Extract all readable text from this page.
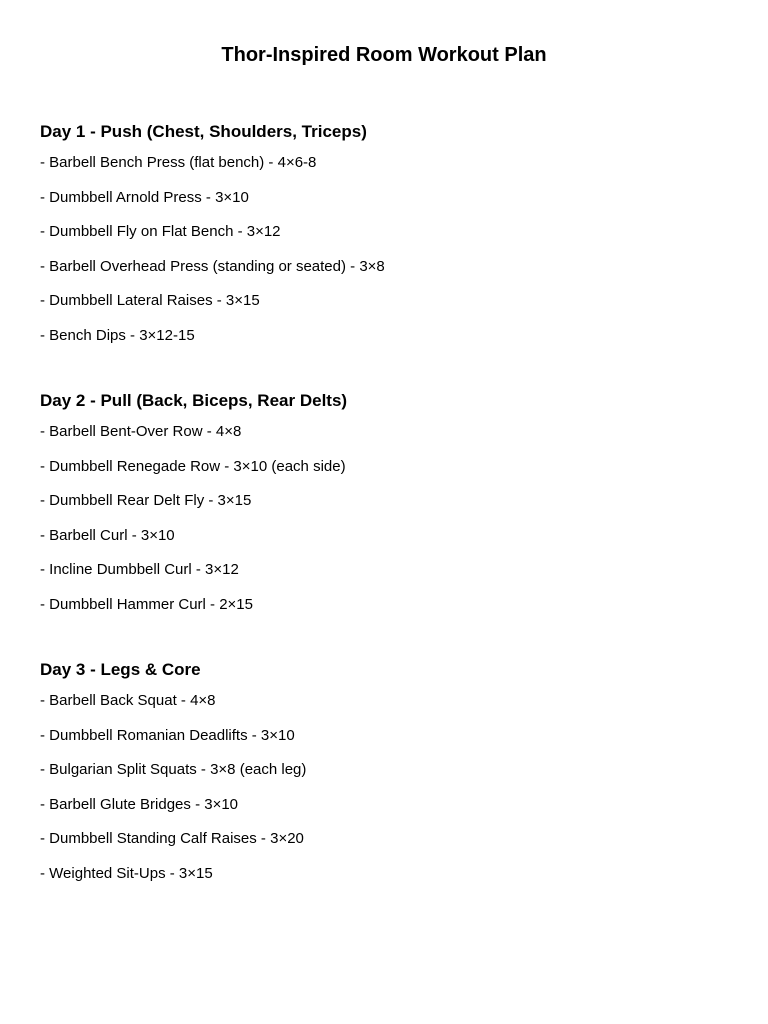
Thor-Inspired Room Workout Plan
Day 1 - Push (Chest, Shoulders, Triceps)
- Barbell Bench Press (flat bench) - 4×6-8
- Dumbbell Arnold Press - 3×10
- Dumbbell Fly on Flat Bench - 3×12
- Barbell Overhead Press (standing or seated) - 3×8
- Dumbbell Lateral Raises - 3×15
- Bench Dips - 3×12-15
Day 2 - Pull (Back, Biceps, Rear Delts)
- Barbell Bent-Over Row - 4×8
- Dumbbell Renegade Row - 3×10 (each side)
- Dumbbell Rear Delt Fly - 3×15
- Barbell Curl - 3×10
- Incline Dumbbell Curl - 3×12
- Dumbbell Hammer Curl - 2×15
Day 3 - Legs & Core
- Barbell Back Squat - 4×8
- Dumbbell Romanian Deadlifts - 3×10
- Bulgarian Split Squats - 3×8 (each leg)
- Barbell Glute Bridges - 3×10
- Dumbbell Standing Calf Raises - 3×20
- Weighted Sit-Ups - 3×15
